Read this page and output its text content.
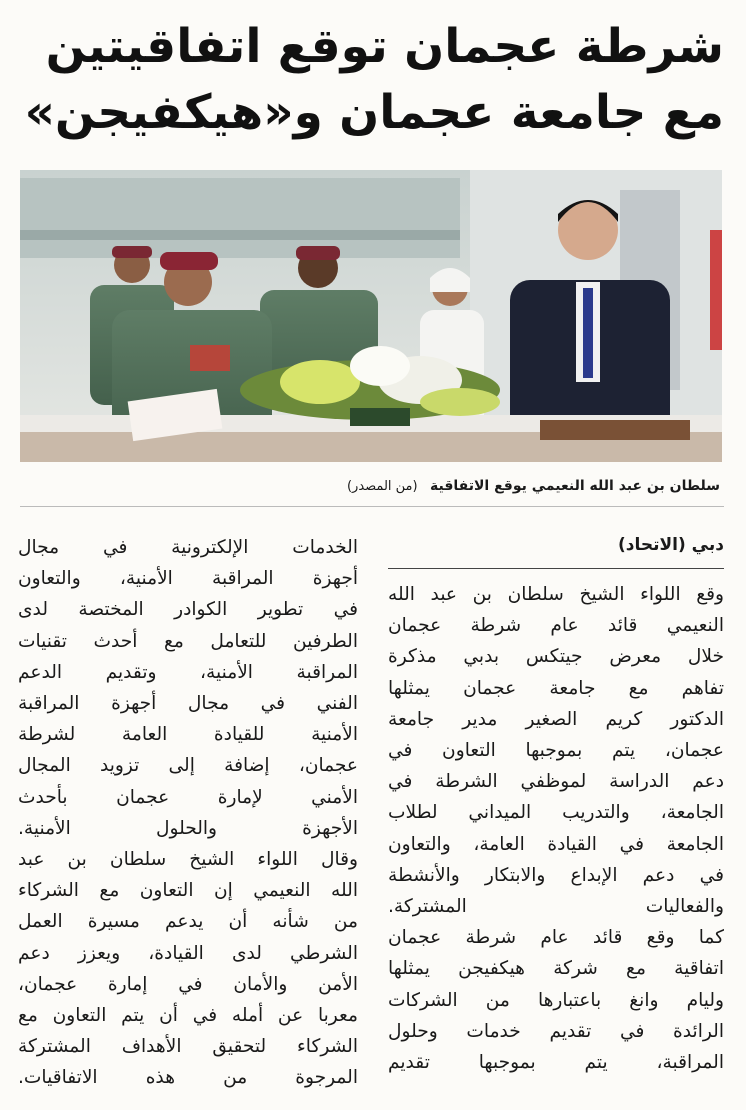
شرطة عجمان توقع اتفاقيتين
مع جامعة عجمان و«هيكفيجن»
سلطان بن عبد الله النعيمي يوقع الاتفاقية (من المصدر)
دبي (الاتحاد)

وقع اللواء الشيخ سلطان بن عبد الله
النعيمي قائد عام شرطة عجمان
خلال معرض جيتكس بدبي مذكرة
تفاهم مع جامعة عجمان يمثلها
الدكتور كريم الصغير مدير جامعة
عجمان، يتم بموجبها التعاون في
دعم الدراسة لموظفي الشرطة في
الجامعة، والتدريب الميداني لطلاب
الجامعة في القيادة العامة، والتعاون
في دعم الإبداع والابتكار والأنشطة
والفعاليات المشتركة.
كما وقع قائد عام شرطة عجمان
اتفاقية مع شركة هيكفيجن يمثلها
وليام وانغ باعتبارها من الشركات
الرائدة في تقديم خدمات وحلول
المراقبة، يتم بموجبها تقديم

الخدمات الإلكترونية في مجال
أجهزة المراقبة الأمنية، والتعاون
في تطوير الكوادر المختصة لدى
الطرفين للتعامل مع أحدث تقنيات
المراقبة الأمنية، وتقديم الدعم
الفني في مجال أجهزة المراقبة
الأمنية للقيادة العامة لشرطة
عجمان، إضافة إلى تزويد المجال
الأمني لإمارة عجمان بأحدث
الأجهزة والحلول الأمنية.
وقال اللواء الشيخ سلطان بن عبد
الله النعيمي إن التعاون مع الشركاء
من شأنه أن يدعم مسيرة العمل
الشرطي لدى القيادة، ويعزز دعم
الأمن والأمان في إمارة عجمان،
معربا عن أمله في أن يتم التعاون مع
الشركاء لتحقيق الأهداف المشتركة
المرجوة من هذه الاتفاقيات.
